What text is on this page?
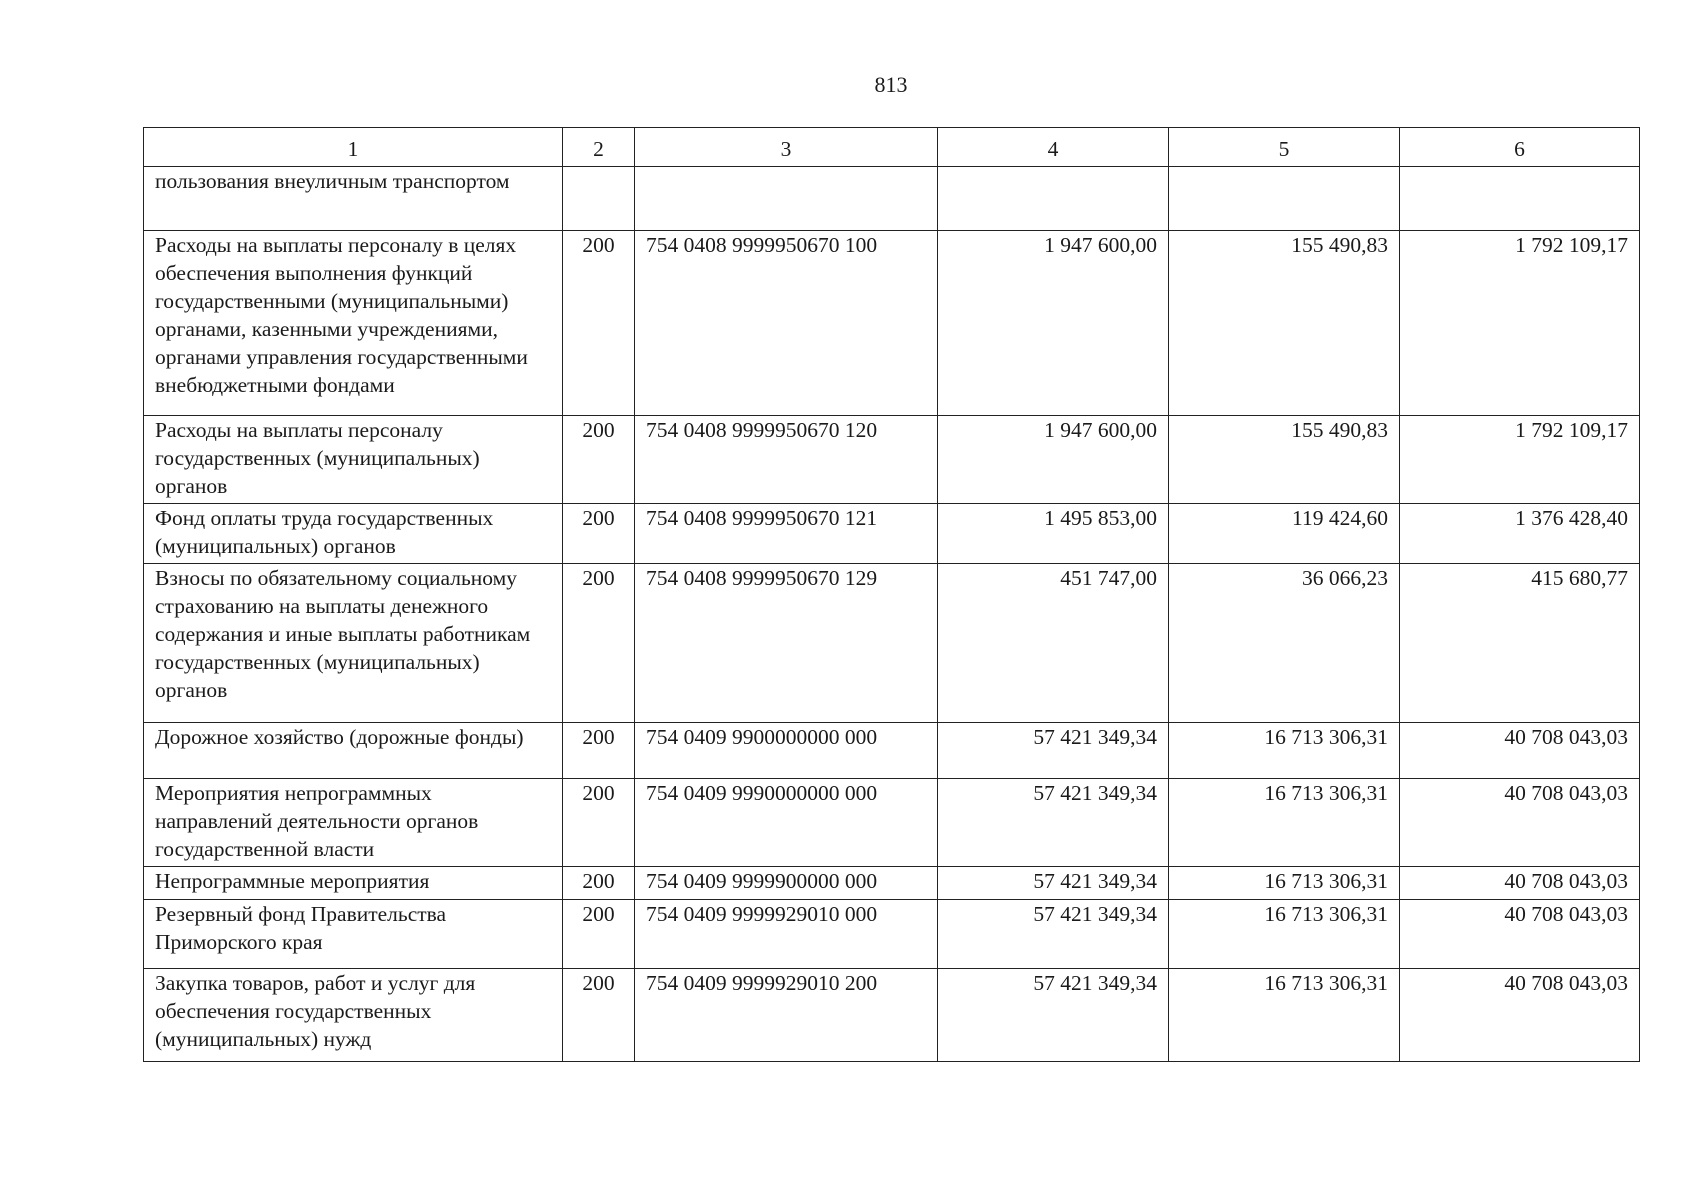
813
1	2	3	4	5	6
пользования внеуличным транспортом					
Расходы на выплаты персоналу в целях обеспечения выполнения функций государственными (муниципальными) органами, казенными учреждениями, органами управления государственными внебюджетными фондами	200	754 0408 9999950670 100	1 947 600,00	155 490,83	1 792 109,17
Расходы на выплаты персоналу государственных (муниципальных) органов	200	754 0408 9999950670 120	1 947 600,00	155 490,83	1 792 109,17
Фонд оплаты труда государственных (муниципальных) органов	200	754 0408 9999950670 121	1 495 853,00	119 424,60	1 376 428,40
Взносы по обязательному социальному страхованию на выплаты денежного содержания и иные выплаты работникам государственных (муниципальных) органов	200	754 0408 9999950670 129	451 747,00	36 066,23	415 680,77
Дорожное хозяйство (дорожные фонды)	200	754 0409 9900000000 000	57 421 349,34	16 713 306,31	40 708 043,03
Мероприятия непрограммных направлений деятельности органов государственной власти	200	754 0409 9990000000 000	57 421 349,34	16 713 306,31	40 708 043,03
Непрограммные мероприятия	200	754 0409 9999900000 000	57 421 349,34	16 713 306,31	40 708 043,03
Резервный фонд Правительства Приморского края	200	754 0409 9999929010 000	57 421 349,34	16 713 306,31	40 708 043,03
Закупка товаров, работ и услуг для обеспечения государственных (муниципальных) нужд	200	754 0409 9999929010 200	57 421 349,34	16 713 306,31	40 708 043,03
